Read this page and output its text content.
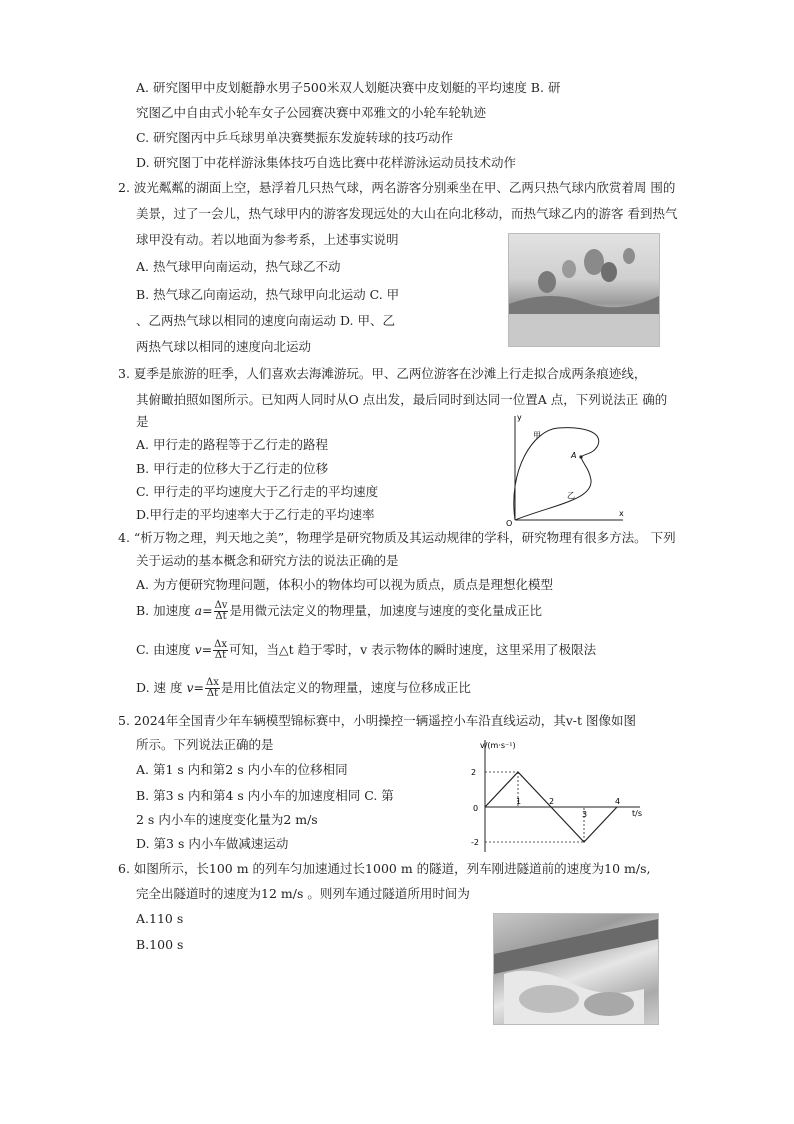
A. 研究图甲中皮划艇静水男子500米双人划艇决赛中皮划艇的平均速度 B. 研
究图乙中自由式小轮车女子公园赛决赛中邓雅文的小轮车轮轨迹
C. 研究图丙中乒乓球男单决赛樊振东发旋转球的技巧动作
D. 研究图丁中花样游泳集体技巧自选比赛中花样游泳运动员技术动作
2. 波光粼粼的湖面上空，悬浮着几只热气球，两名游客分别乘坐在甲、乙两只热气球内欣赏着周 围的
美景，过了一会儿，热气球甲内的游客发现远处的大山在向北移动，而热气球乙内的游客 看到热气
球甲没有动。若以地面为参考系，上述事实说明
A. 热气球甲向南运动，热气球乙不动
B. 热气球乙向南运动，热气球甲向北运动 C. 甲
、乙两热气球以相同的速度向南运动 D. 甲、乙
两热气球以相同的速度向北运动
3. 夏季是旅游的旺季，人们喜欢去海滩游玩。甲、乙两位游客在沙滩上行走拟合成两条痕迹线，
其俯瞰拍照如图所示。已知两人同时从O 点出发，最后同时到达同一位置A 点，下列说法正 确的
是
A. 甲行走的路程等于乙行走的路程
B. 甲行走的位移大于乙行走的位移
C. 甲行走的平均速度大于乙行走的平均速度
D.甲行走的平均速率大于乙行走的平均速率
y
x
O
A
甲
乙
4. “析万物之理，判天地之美”，物理学是研究物质及其运动规律的学科，研究物理有很多方法。 下列
关于运动的基本概念和研究方法的说法正确的是
A. 为方便研究物理问题，体积小的物体均可以视为质点，质点是理想化模型
B. 加速度 $a= \frac{\Delta v}{\Delta t}$ 是用微元法定义的物理量，加速度与速度的变化量成正比
C. 由速度 $v= \frac{\Delta x}{\Delta t}$ 可知，当△t 趋于零时，v 表示物体的瞬时速度，这里采用了极限法
D. 速 度 $v= \frac{\Delta x}{\Delta t}$ 是用比值法定义的物理量，速度与位移成正比
5. 2024年全国青少年车辆模型锦标赛中，小明操控一辆遥控小车沿直线运动，其v-t 图像如图
所示。下列说法正确的是
A. 第1 s 内和第2 s 内小车的位移相同
B. 第3 s 内和第4 s 内小车的加速度相同 C. 第
2 s 内小车的速度变化量为2 m/s
D. 第3 s 内小车做减速运动
v/(m·s⁻¹)
t/s
0
1	2
3
4
2
-2
6. 如图所示，长100 m 的列车匀加速通过长1000 m 的隧道，列车刚进隧道前的速度为10 m/s,
完全出隧道时的速度为12 m/s 。则列车通过隧道所用时间为
A.110 s
B.100 s
